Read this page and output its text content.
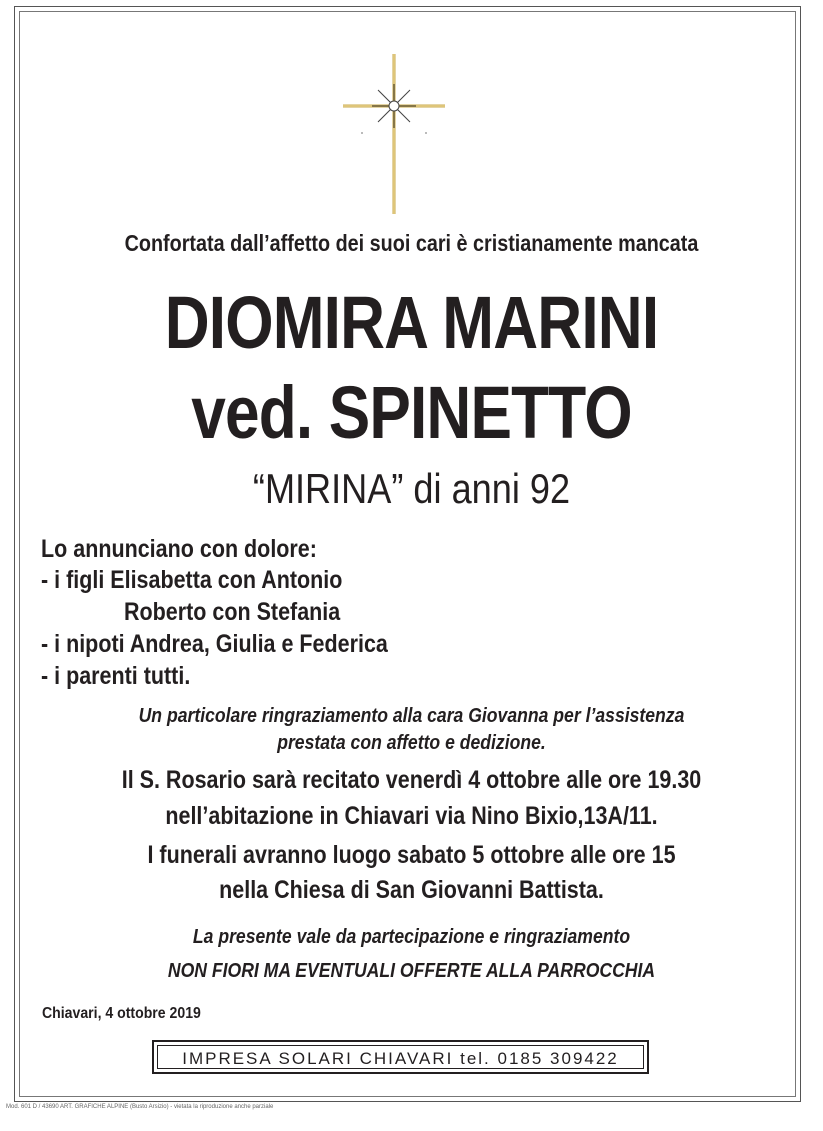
Confortata dall’affetto dei suoi cari è cristianamente mancata
DIOMIRA MARINI
ved. SPINETTO
“MIRINA” di anni 92
Lo annunciano con dolore:
- i figli Elisabetta con Antonio
Roberto con Stefania
- i nipoti Andrea, Giulia e Federica
- i parenti tutti.
Un particolare ringraziamento alla cara Giovanna per l’assistenza
prestata con affetto e dedizione.
Il S. Rosario sarà recitato venerdì 4 ottobre alle ore 19.30
nell’abitazione in Chiavari via Nino Bixio,13A/11.
I funerali avranno luogo sabato 5 ottobre alle ore 15
nella Chiesa di San Giovanni Battista.
La presente vale da partecipazione e ringraziamento
NON FIORI MA EVENTUALI OFFERTE ALLA PARROCCHIA
Chiavari, 4 ottobre 2019
IMPRESA SOLARI CHIAVARI tel. 0185 309422
Mod. 601 D / 43690 ART. GRAFICHE ALPINE (Busto Arsizio) - vietata la riproduzione anche parziale
